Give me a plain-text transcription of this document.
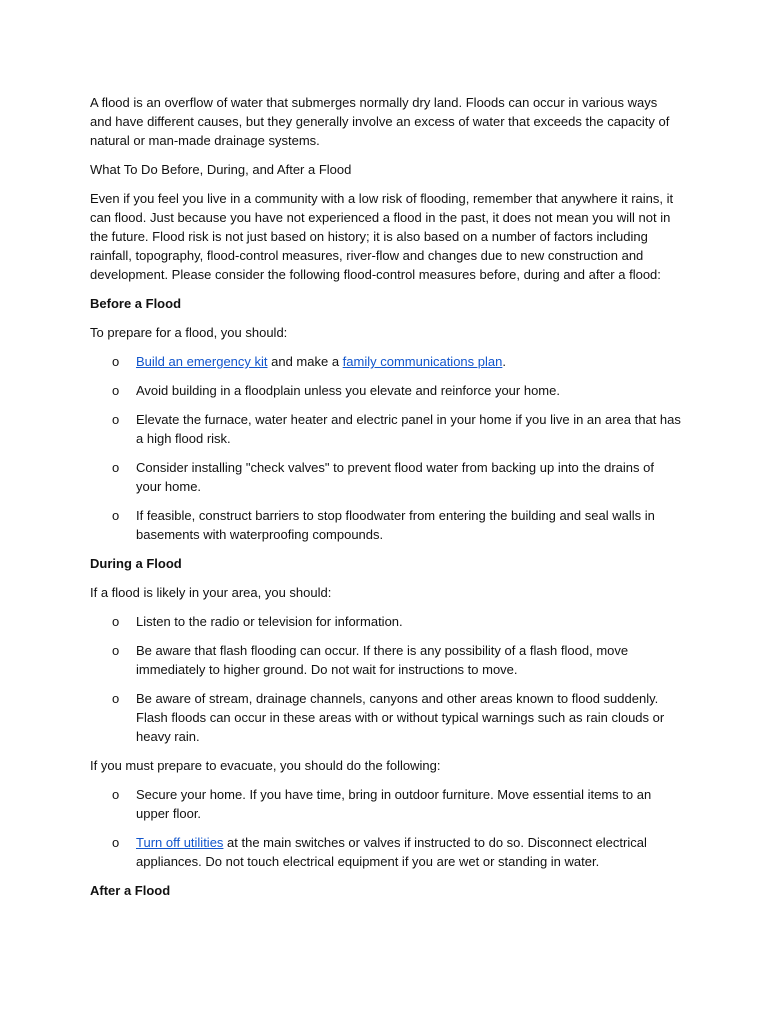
A flood is an overflow of water that submerges normally dry land. Floods can occur in various ways and have different causes, but they generally involve an excess of water that exceeds the capacity of natural or man-made drainage systems.

What To Do Before, During, and After a Flood

Even if you feel you live in a community with a low risk of flooding, remember that anywhere it rains, it can flood. Just because you have not experienced a flood in the past, it does not mean you will not in the future. Flood risk is not just based on history; it is also based on a number of factors including rainfall, topography, flood-control measures, river-flow and changes due to new construction and development. Please consider the following flood-control measures before, during and after a flood:

Before a Flood

To prepare for a flood, you should:

o	Build an emergency kit and make a family communications plan.
o	Avoid building in a floodplain unless you elevate and reinforce your home.
o	Elevate the furnace, water heater and electric panel in your home if you live in an area that has a high flood risk.
o	Consider installing "check valves" to prevent flood water from backing up into the drains of your home.
o	If feasible, construct barriers to stop floodwater from entering the building and seal walls in basements with waterproofing compounds.

During a Flood

If a flood is likely in your area, you should:

o	Listen to the radio or television for information.
o	Be aware that flash flooding can occur. If there is any possibility of a flash flood, move immediately to higher ground. Do not wait for instructions to move.
o	Be aware of stream, drainage channels, canyons and other areas known to flood suddenly. Flash floods can occur in these areas with or without typical warnings such as rain clouds or heavy rain.

If you must prepare to evacuate, you should do the following:

o	Secure your home. If you have time, bring in outdoor furniture. Move essential items to an upper floor.
o	Turn off utilities at the main switches or valves if instructed to do so. Disconnect electrical appliances. Do not touch electrical equipment if you are wet or standing in water.

After a Flood
